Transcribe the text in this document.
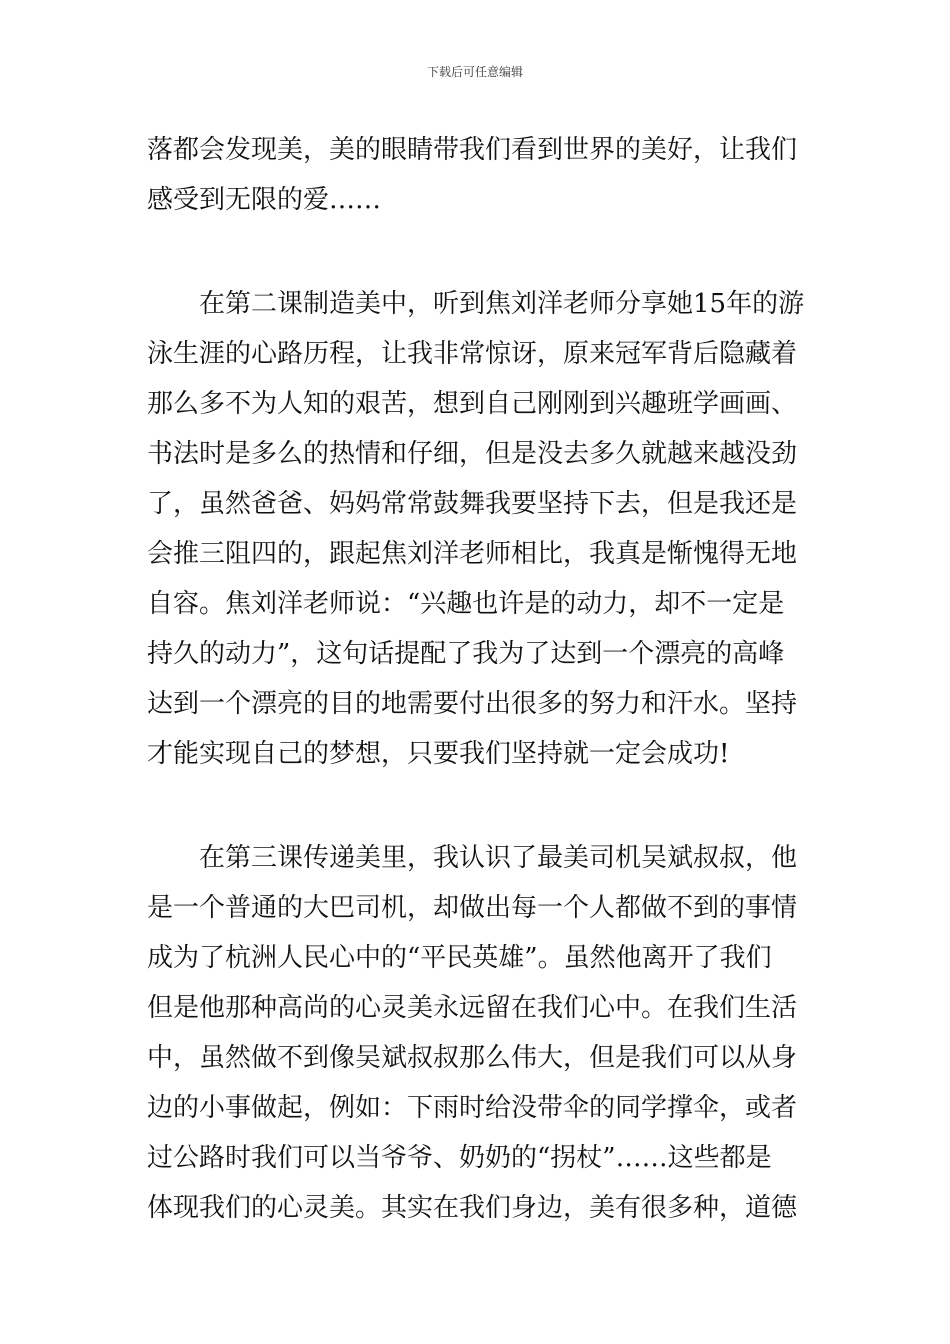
下载后可任意编辑
落都会发现美，美的眼睛带我们看到世界的美好，让我们
感受到无限的爱……
在第二课制造美中，听到焦刘洋老师分享她15年的游
泳生涯的心路历程，让我非常惊讶，原来冠军背后隐藏着
那么多不为人知的艰苦，想到自己刚刚到兴趣班学画画、
书法时是多么的热情和仔细，但是没去多久就越来越没劲
了，虽然爸爸、妈妈常常鼓舞我要坚持下去，但是我还是
会推三阻四的，跟起焦刘洋老师相比，我真是惭愧得无地
自容。焦刘洋老师说：“兴趣也许是的动力，却不一定是
持久的动力”，这句话提配了我为了达到一个漂亮的高峰
达到一个漂亮的目的地需要付出很多的努力和汗水。坚持
才能实现自己的梦想，只要我们坚持就一定会成功!
在第三课传递美里，我认识了最美司机吴斌叔叔，他
是一个普通的大巴司机，却做出每一个人都做不到的事情
成为了杭洲人民心中的“平民英雄”。虽然他离开了我们
但是他那种高尚的心灵美永远留在我们心中。在我们生活
中，虽然做不到像吴斌叔叔那么伟大，但是我们可以从身
边的小事做起，例如：下雨时给没带伞的同学撑伞，或者
过公路时我们可以当爷爷、奶奶的“拐杖”……这些都是
体现我们的心灵美。其实在我们身边，美有很多种，道德
